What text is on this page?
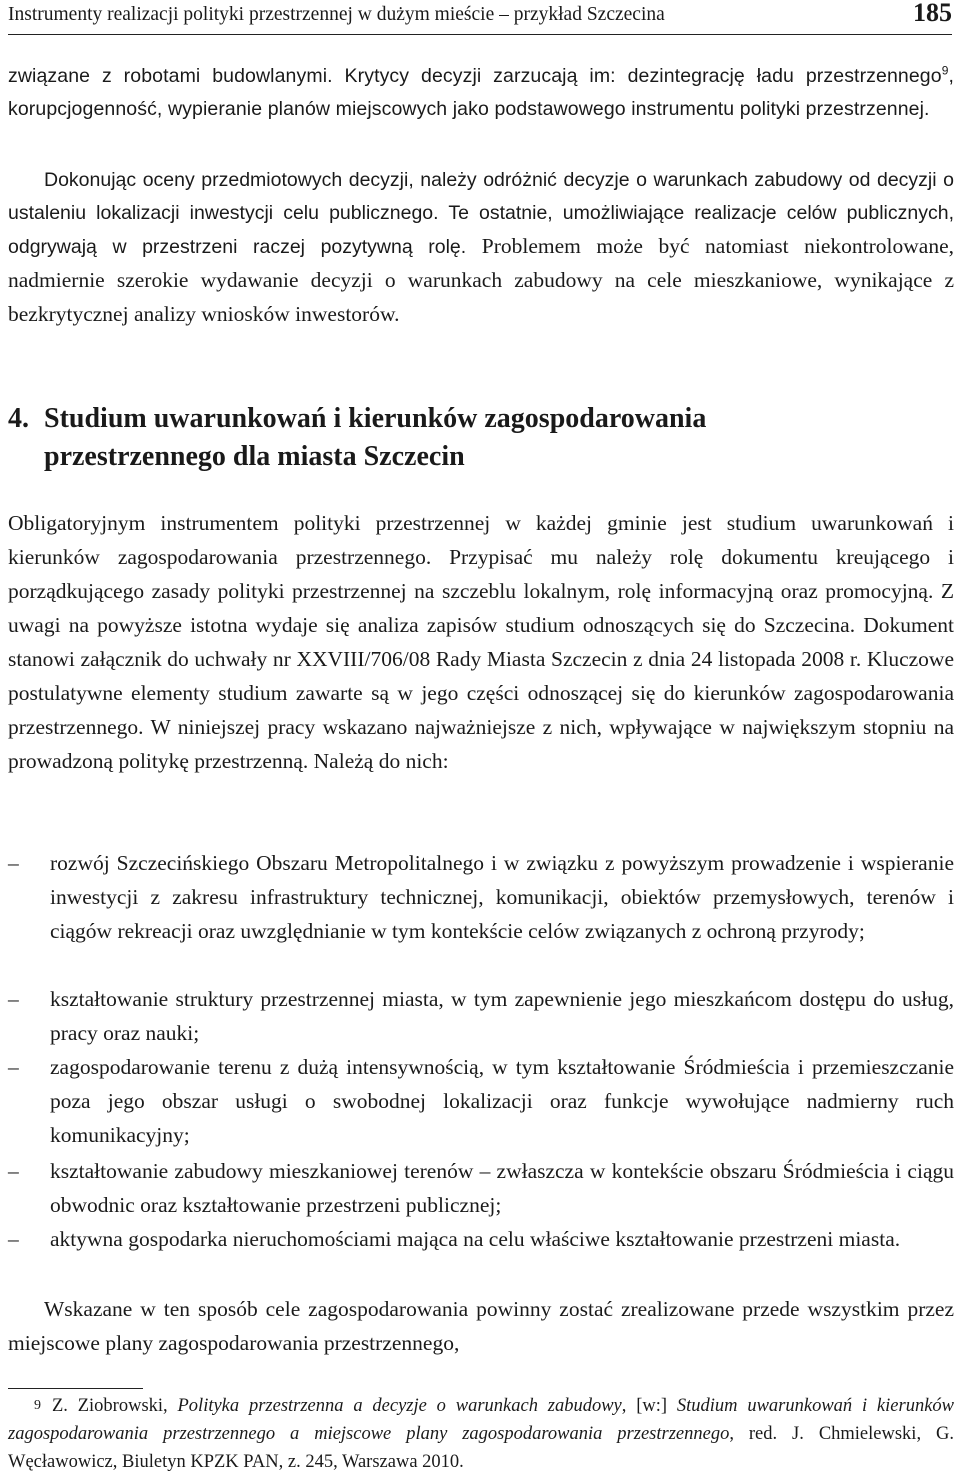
Instrumenty realizacji polityki przestrzennej w dużym mieście – przykład Szczecina	185
związane z robotami budowlanymi. Krytycy decyzji zarzucają im: dezintegrację ładu przestrzennego$^9$, korupcjogenność, wypieranie planów miejscowych jako podstawowego instrumentu polityki przestrzennej.
Dokonując oceny przedmiotowych decyzji, należy odróżnić decyzje o warunkach zabudowy od decyzji o ustaleniu lokalizacji inwestycji celu publicznego. Te ostatnie, umożliwiające realizacje celów publicznych, odgrywają w przestrzeni raczej pozytywną rolę. Problemem może być natomiast niekontrolowane, nadmiernie szerokie wydawanie decyzji o warunkach zabudowy na cele mieszkaniowe, wynikające z bezkrytycznej analizy wniosków inwestorów.
4. Studium uwarunkowań i kierunków zagospodarowania
przestrzennego dla miasta Szczecin
Obligatoryjnym instrumentem polityki przestrzennej w każdej gminie jest studium uwarunkowań i kierunków zagospodarowania przestrzennego. Przypisać mu należy rolę dokumentu kreującego i porządkującego zasady polityki przestrzennej na szczeblu lokalnym, rolę informacyjną oraz promocyjną. Z uwagi na powyższe istotna wydaje się analiza zapisów studium odnoszących się do Szczecina. Dokument stanowi załącznik do uchwały nr XXVIII/706/08 Rady Miasta Szczecin z dnia 24 listopada 2008 r. Kluczowe postulatywne elementy studium zawarte są w jego części odnoszącej się do kierunków zagospodarowania przestrzennego. W niniejszej pracy wskazano najważniejsze z nich, wpływające w największym stopniu na prowadzoną politykę przestrzenną. Należą do nich:
– rozwój Szczecińskiego Obszaru Metropolitalnego i w związku z powyższym prowadzenie i wspieranie inwestycji z zakresu infrastruktury technicznej, komunikacji, obiektów przemysłowych, terenów i ciągów rekreacji oraz uwzględnianie w tym kontekście celów związanych z ochroną przyrody;
– kształtowanie struktury przestrzennej miasta, w tym zapewnienie jego mieszkańcom dostępu do usług, pracy oraz nauki;
– zagospodarowanie terenu z dużą intensywnością, w tym kształtowanie Śródmieścia i przemieszczanie poza jego obszar usługi o swobodnej lokalizacji oraz funkcje wywołujące nadmierny ruch komunikacyjny;
– kształtowanie zabudowy mieszkaniowej terenów – zwłaszcza w kontekście obszaru Śródmieścia i ciągu obwodnic oraz kształtowanie przestrzeni publicznej;
– aktywna gospodarka nieruchomościami mająca na celu właściwe kształtowanie przestrzeni miasta.
Wskazane w ten sposób cele zagospodarowania powinny zostać zrealizowane przede wszystkim przez miejscowe plany zagospodarowania przestrzennego,
9 Z. Ziobrowski, Polityka przestrzenna a decyzje o warunkach zabudowy, [w:] Studium uwarunkowań i kierunków zagospodarowania przestrzennego a miejscowe plany zagospodarowania przestrzennego, red. J. Chmielewski, G. Węcławowicz, Biuletyn KPZK PAN, z. 245, Warszawa 2010.
